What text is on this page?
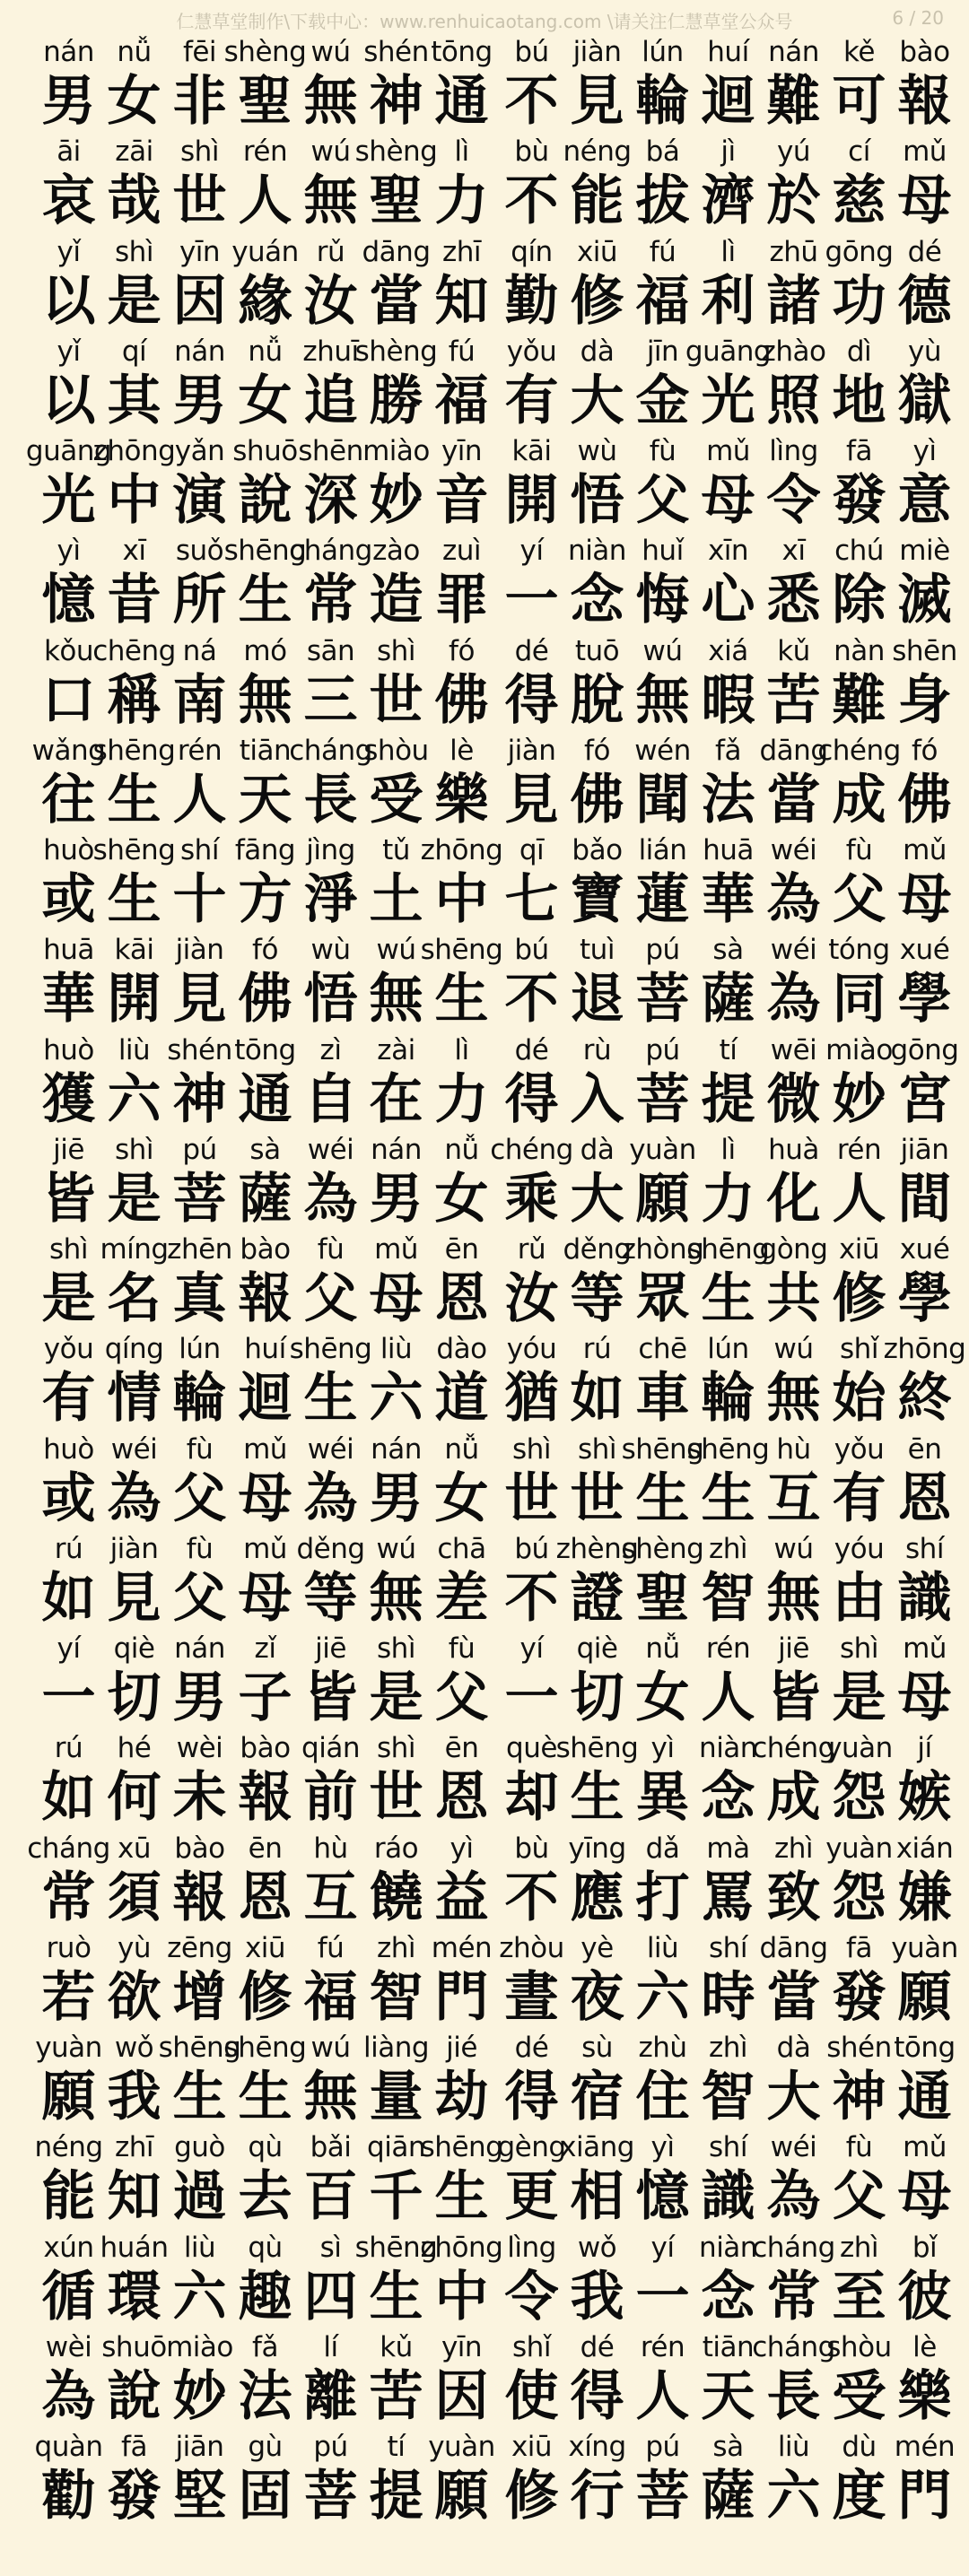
仁慧草堂制作\下载中心：www.renhuicaotang.com \请关注仁慧草堂公众号	6 / 20
nán
男
nǚ
女
fēi
非
shèng
聖
wú
無
shén
神
tōng
通
bú
不
jiàn
見
lún
輪
huí
迴
nán
難
kě
可
bào
報
āi
哀
zāi
哉
shì
世
rén
人
wú
無
shèng
聖
lì
力
bù
不
néng
能
bá
拔
jì
濟
yú
於
cí
慈
mǔ
母
yǐ
以
shì
是
yīn
因
yuán
緣
rǔ
汝
dāng
當
zhī
知
qín
勤
xiū
修
fú
福
lì
利
zhū
諸
gōng
功
dé
德
yǐ
以
qí
其
nán
男
nǚ
女
zhuī
追
shèng
勝
fú
福
yǒu
有
dà
大
jīn
金
guāng
光
zhào
照
dì
地
yù
獄
guāng
光
zhōng
中
yǎn
演
shuō
說
shēn
深
miào
妙
yīn
音
kāi
開
wù
悟
fù
父
mǔ
母
lìng
令
fā
發
yì
意
yì
憶
xī
昔
suǒ
所
shēng
生
cháng
常
zào
造
zuì
罪
yí
一
niàn
念
huǐ
悔
xīn
心
xī
悉
chú
除
miè
滅
kǒu
口
chēng
稱
ná
南
mó
無
sān
三
shì
世
fó
佛
dé
得
tuō
脫
wú
無
xiá
暇
kǔ
苦
nàn
難
shēn
身
wǎng
往
shēng
生
rén
人
tiān
天
cháng
長
shòu
受
lè
樂
jiàn
見
fó
佛
wén
聞
fǎ
法
dāng
當
chéng
成
fó
佛
huò
或
shēng
生
shí
十
fāng
方
jìng
淨
tǔ
土
zhōng
中
qī
七
bǎo
寶
lián
蓮
huā
華
wéi
為
fù
父
mǔ
母
huā
華
kāi
開
jiàn
見
fó
佛
wù
悟
wú
無
shēng
生
bú
不
tuì
退
pú
菩
sà
薩
wéi
為
tóng
同
xué
學
huò
獲
liù
六
shén
神
tōng
通
zì
自
zài
在
lì
力
dé
得
rù
入
pú
菩
tí
提
wēi
微
miào
妙
gōng
宮
jiē
皆
shì
是
pú
菩
sà
薩
wéi
為
nán
男
nǚ
女
chéng
乘
dà
大
yuàn
願
lì
力
huà
化
rén
人
jiān
間
shì
是
míng
名
zhēn
真
bào
報
fù
父
mǔ
母
ēn
恩
rǔ
汝
děng
等
zhòng
眾
shēng
生
gòng
共
xiū
修
xué
學
yǒu
有
qíng
情
lún
輪
huí
迴
shēng
生
liù
六
dào
道
yóu
猶
rú
如
chē
車
lún
輪
wú
無
shǐ
始
zhōng
終
huò
或
wéi
為
fù
父
mǔ
母
wéi
為
nán
男
nǚ
女
shì
世
shì
世
shēng
生
shēng
生
hù
互
yǒu
有
ēn
恩
rú
如
jiàn
見
fù
父
mǔ
母
děng
等
wú
無
chā
差
bú
不
zhèng
證
shèng
聖
zhì
智
wú
無
yóu
由
shí
識
yí
一
qiè
切
nán
男
zǐ
子
jiē
皆
shì
是
fù
父
yí
一
qiè
切
nǚ
女
rén
人
jiē
皆
shì
是
mǔ
母
rú
如
hé
何
wèi
未
bào
報
qián
前
shì
世
ēn
恩
què
却
shēng
生
yì
異
niàn
念
chéng
成
yuàn
怨
jí
嫉
cháng
常
xū
須
bào
報
ēn
恩
hù
互
ráo
饒
yì
益
bù
不
yīng
應
dǎ
打
mà
罵
zhì
致
yuàn
怨
xián
嫌
ruò
若
yù
欲
zēng
增
xiū
修
fú
福
zhì
智
mén
門
zhòu
晝
yè
夜
liù
六
shí
時
dāng
當
fā
發
yuàn
願
yuàn
願
wǒ
我
shēng
生
shēng
生
wú
無
liàng
量
jié
劫
dé
得
sù
宿
zhù
住
zhì
智
dà
大
shén
神
tōng
通
néng
能
zhī
知
guò
過
qù
去
bǎi
百
qiān
千
shēng
生
gèng
更
xiāng
相
yì
憶
shí
識
wéi
為
fù
父
mǔ
母
xún
循
huán
環
liù
六
qù
趣
sì
四
shēng
生
zhōng
中
lìng
令
wǒ
我
yí
一
niàn
念
cháng
常
zhì
至
bǐ
彼
wèi
為
shuō
說
miào
妙
fǎ
法
lí
離
kǔ
苦
yīn
因
shǐ
使
dé
得
rén
人
tiān
天
cháng
長
shòu
受
lè
樂
quàn
勸
fā
發
jiān
堅
gù
固
pú
菩
tí
提
yuàn
願
xiū
修
xíng
行
pú
菩
sà
薩
liù
六
dù
度
mén
門
